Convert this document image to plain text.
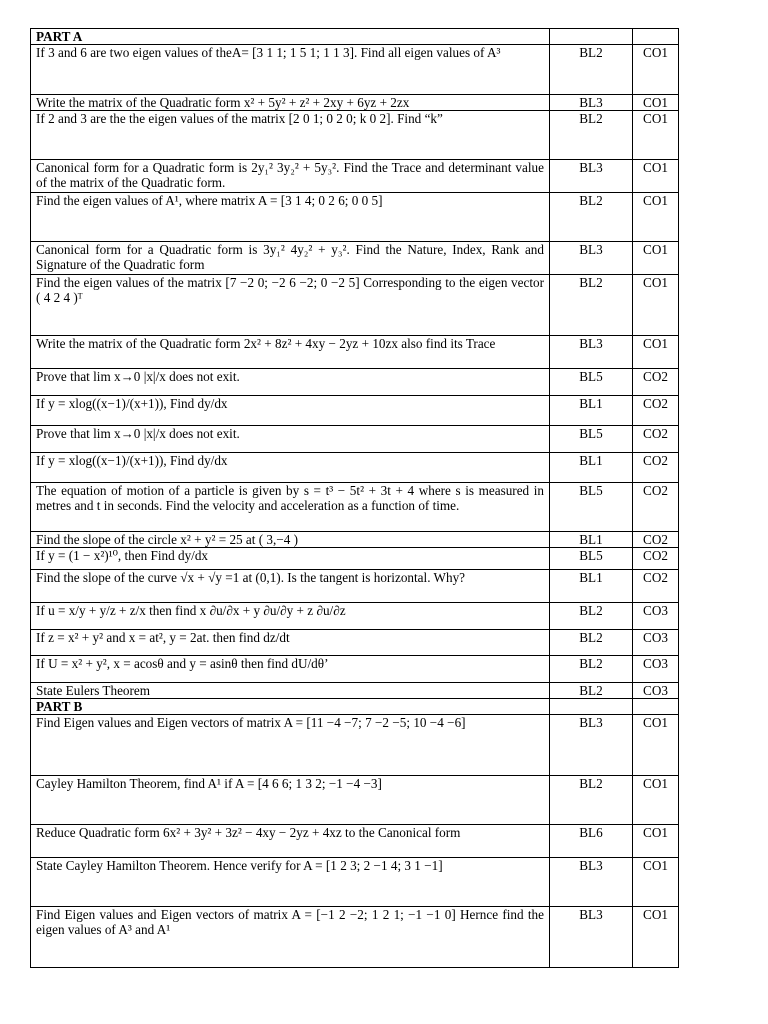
PART A		

If 3 and 6 are two eigen values of theA= [3 1 1; 1 5 1; 1 1 3]. Find all eigen values of A³	BL2	CO1

Write the matrix of the Quadratic form x² + 5y² + z² + 2xy + 6yz + 2zx	BL3	CO1

If 2 and 3 are the the eigen values of the matrix [2 0 1; 0 2 0; k 0 2]. Find “k”	BL2	CO1

Canonical form for a Quadratic form is 2y₁² 3y₂² + 5y₃². Find the Trace and determinant value of the matrix of the Quadratic form.	BL3	CO1

Find the eigen values of A¹, where matrix A = [3 1 4; 0 2 6; 0 0 5]	BL2	CO1

Canonical form for a Quadratic form is 3y₁² 4y₂² + y₃². Find the Nature, Index, Rank and Signature of the Quadratic form	BL3	CO1

Find the eigen values of the matrix [7 −2 0; −2 6 −2; 0 −2 5] Corresponding to the eigen vector ( 4 2 4 )ᵀ	BL2	CO1

Write the matrix of the Quadratic form 2x² + 8z² + 4xy − 2yz + 10zx also find its Trace	BL3	CO1

Prove that lim x→0 |x|/x does not exit.	BL5	CO2

If y = xlog((x−1)/(x+1)), Find dy/dx	BL1	CO2

Prove that lim x→0 |x|/x does not exit.	BL5	CO2

If y = xlog((x−1)/(x+1)), Find dy/dx	BL1	CO2

The equation of motion of a particle is given by s = t³ − 5t² + 3t + 4 where s is measured in metres and t in seconds. Find the velocity and acceleration as a function of time.	BL5	CO2

Find the slope of the circle x² + y² = 25 at ( 3,−4 )	BL1	CO2

If y = (1 − x²)¹⁰, then Find dy/dx	BL5	CO2

Find the slope of the curve √x + √y =1 at (0,1). Is the tangent is horizontal. Why?	BL1	CO2

If u = x/y + y/z + z/x then find x ∂u/∂x + y ∂u/∂y + z ∂u/∂z	BL2	CO3

If z = x² + y² and x = at², y = 2at. then find dz/dt	BL2	CO3

If U = x² + y², x = acosθ and y = asinθ then find dU/dθ’	BL2	CO3

State Eulers Theorem	BL2	CO3
PART B		

Find Eigen values and Eigen vectors of matrix A = [11 −4 −7; 7 −2 −5; 10 −4 −6]	BL3	CO1

Cayley Hamilton Theorem, find A¹ if A = [4 6 6; 1 3 2; −1 −4 −3]	BL2	CO1

Reduce Quadratic form 6x² + 3y² + 3z² − 4xy − 2yz + 4xz to the Canonical form	BL6	CO1

State Cayley Hamilton Theorem. Hence verify for A = [1 2 3; 2 −1 4; 3 1 −1]	BL3	CO1

Find Eigen values and Eigen vectors of matrix A = [−1 2 −2; 1 2 1; −1 −1 0] Hernce find the eigen values of A³ and A¹	BL3	CO1
